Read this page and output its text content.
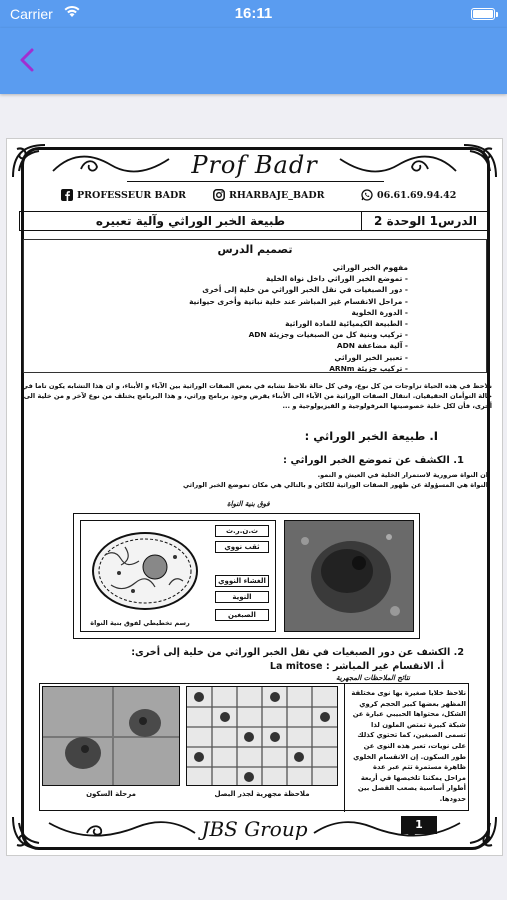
Carrier	16:11
Prof Badr
PROFESSEUR BADR	RHARBAJE_BADR	06.61.69.94.42
الدرس1 الوحدة 2
طبيعة الخبر الوراثي وآلية تعبيره
تصميم الدرس
مفهوم الخبر الوراثي
- تموضع الخبر الوراثي داخل نواة الخلية
- دور الصبغيات في نقل الخبر الوراثي من خلية إلى أخرى
- مراحل الانقسام غير المباشر عند خلية نباتية وأخرى حيوانية
- الدورة الخلوية
- الطبيعة الكيميائية للمادة الوراثية
- تركيب وبنية كل من الصبغيات وجزيئة ADN
- آلية مضاعفة ADN
- تعبير الخبر الوراثي
- تركيب جزيئة ARNm
نلاحظ في هذه الحياة تزاوجات من كل نوع، وفي كل حالة نلاحظ تشابه في بعض الصفات الوراثية بين الآباء و الأبناء، و ان هذا التشابه يكون تاما في حالة التوأمان الحقيقيان. انتقال الصفات الوراثية من الآباء الى الأبناء يفرض وجود برنامج وراثي، و هذا البرنامج يختلف من نوع لآخر و من خلية الى أخرى، فأن لكل خلية خصوصيتها المرفولوجية و الفيزيولوجية و ...
I. طبيعة الخبر الوراثي :
1. الكشف عن تموضع الخبر الوراثي :
ان النواة ضرورية لاستمرار الخلية في العيش و النمو.
النواة هي المسؤولة عن ظهور الصفات الوراثية للكائن و بالتالي هي مكان تموضع الخبر الوراثي
فوق بنية النواة
ث.ن.ر.ث
ثقب نووي
الغشاء النووي
النوية
الصبغين
رسم تخطيطي لفوق بنية النواة
2. الكشف عن دور الصبغيات في نقل الخبر الوراثي من خلية إلى أخرى:
أ. الانقسام غير المباشر : La mitose
نتائج الملاحظات المجهرية
مرحلة السكون	ملاحظة مجهرية لجذر البصل
نلاحظ خلايا صغيرة بها نوى مختلفة المظهر بعضها كبير الحجم كروي الشكل، محتواها الحبيبي عبارة عن شبكة كبيرة تمتص الملون لذا تسمى الصبغين، كما تحتوي كذلك على نويات، تعبر هذه النوى عن طور السكون. إن الانقسام الخلوي ظاهرة مستمرة تتم عبر عدة مراحل يمكننا تلخيصها في أربعة أطوار أساسية يصعب الفصل بين حدودها.
JBS Group	1
